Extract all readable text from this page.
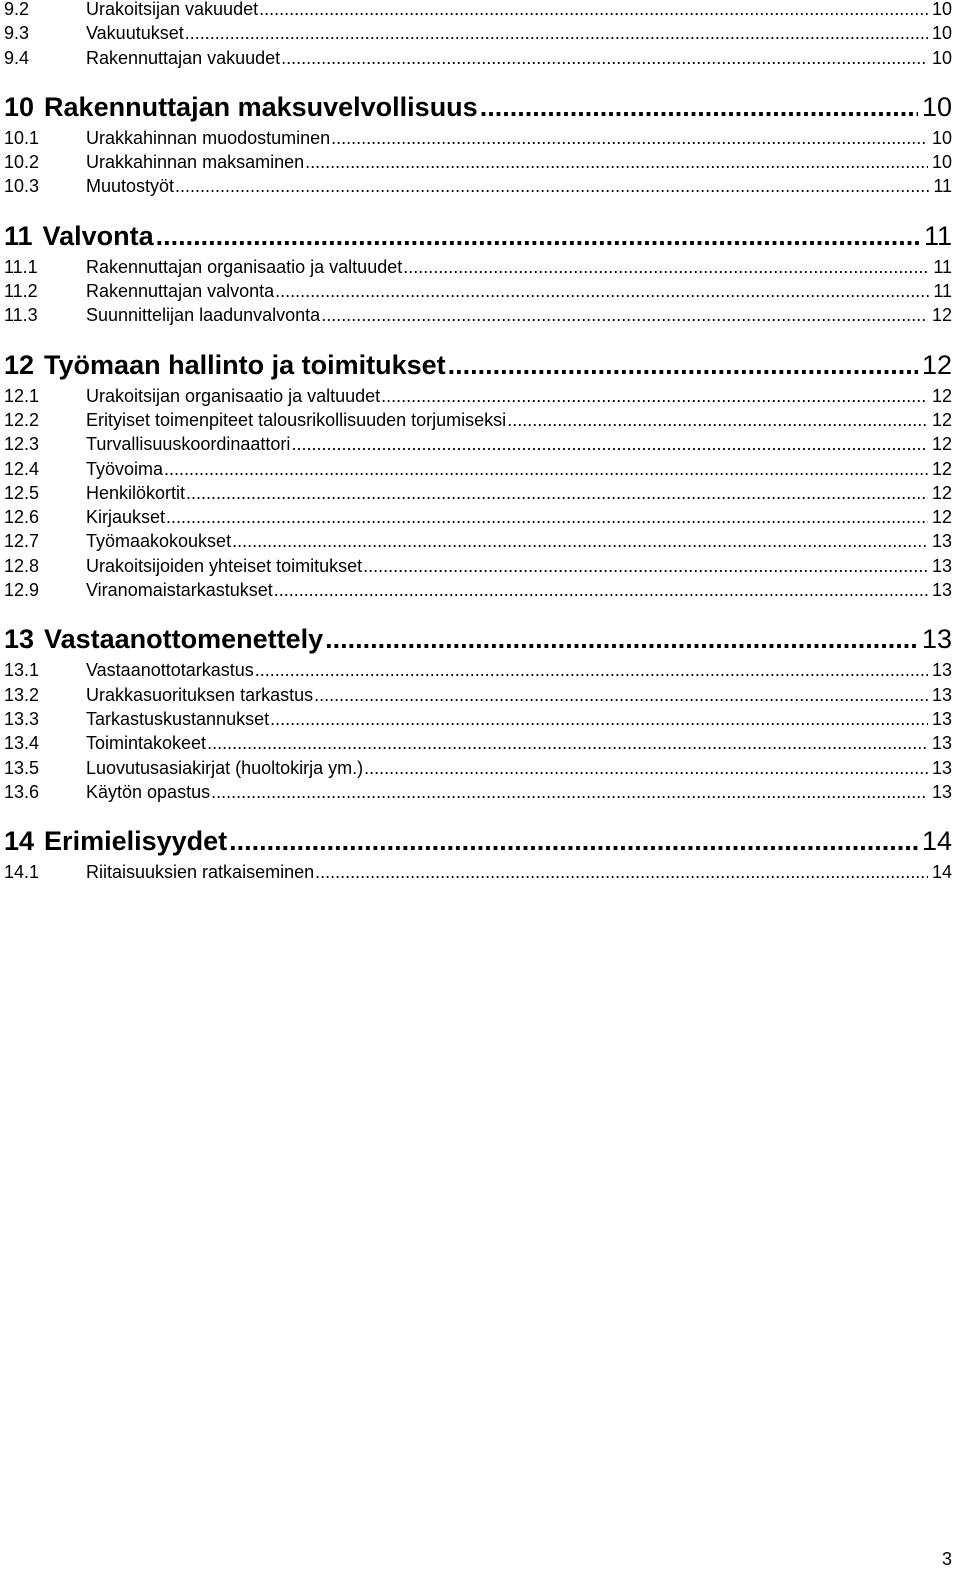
9.2	Urakoitsijan vakuudet .....	10
9.3	Vakuutukset .....	10
9.4	Rakennuttajan vakuudet .....	10
10 Rakennuttajan maksuvelvollisuus .....	10
10.1	Urakkahinnan muodostuminen .....	10
10.2	Urakkahinnan maksaminen .....	10
10.3	Muutostyöt .....	11
11 Valvonta .....	11
11.1	Rakennuttajan organisaatio ja valtuudet .....	11
11.2	Rakennuttajan valvonta .....	11
11.3	Suunnittelijan laadunvalvonta .....	12
12 Työmaan hallinto ja toimitukset .....	12
12.1	Urakoitsijan organisaatio ja valtuudet .....	12
12.2	Erityiset toimenpiteet talousrikollisuuden torjumiseksi .....	12
12.3	Turvallisuuskoordinaattori .....	12
12.4	Työvoima .....	12
12.5	Henkilökortit .....	12
12.6	Kirjaukset .....	12
12.7	Työmaakokoukset .....	13
12.8	Urakoitsijoiden yhteiset toimitukset .....	13
12.9	Viranomaistarkastukset .....	13
13 Vastaanottomenettely .....	13
13.1	Vastaanottotarkastus .....	13
13.2	Urakkasuorituksen tarkastus .....	13
13.3	Tarkastuskustannukset .....	13
13.4	Toimintakokeet .....	13
13.5	Luovutusasiakirjat (huoltokirja ym.) .....	13
13.6	Käytön opastus .....	13
14 Erimielisyydet .....	14
14.1	Riitaisuuksien ratkaiseminen .....	14
3
